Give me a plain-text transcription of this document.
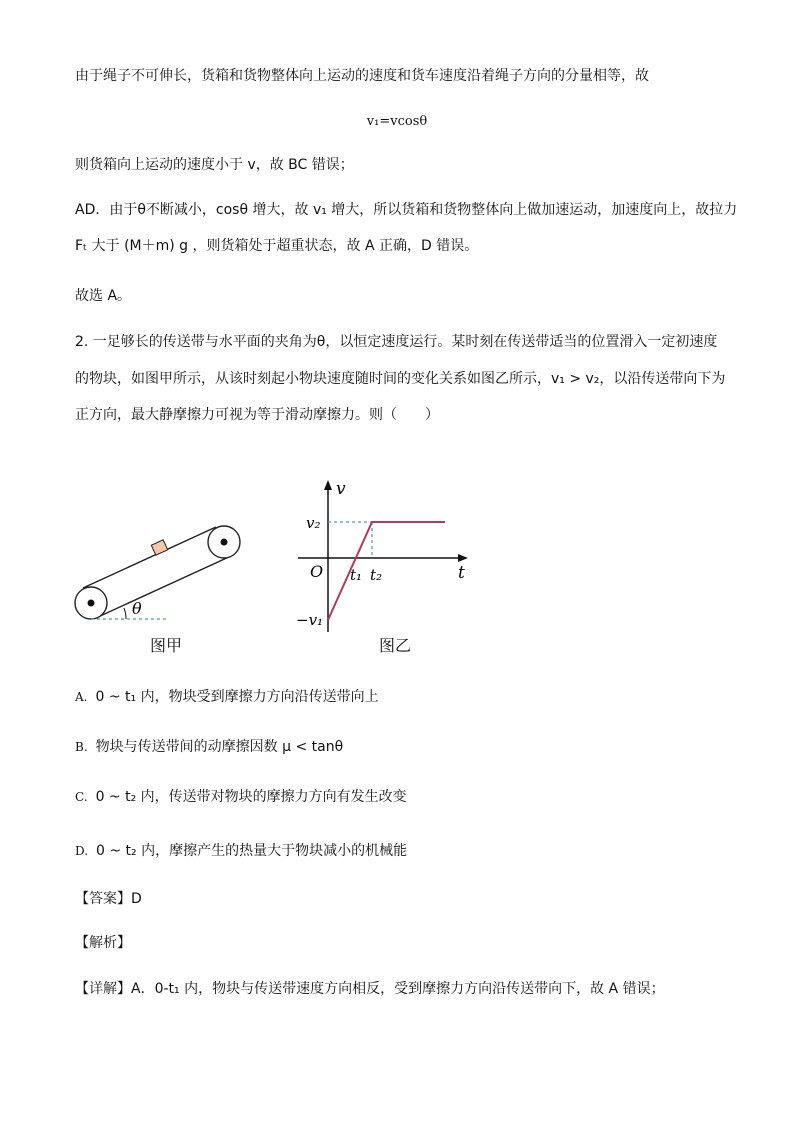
由于绳子不可伸长，货箱和货物整体向上运动的速度和货车速度沿着绳子方向的分量相等，故
v₁=vcosθ
则货箱向上运动的速度小于 v，故 BC 错误；
AD．由于θ不断减小，cosθ 增大，故 v₁ 增大，所以货箱和货物整体向上做加速运动，加速度向上，故拉力
Fₜ 大于 (M＋m) g ，则货箱处于超重状态，故 A 正确，D 错误。
故选 A。
2. 一足够长的传送带与水平面的夹角为θ，以恒定速度运行。某时刻在传送带适当的位置滑入一定初速度
的物块，如图甲所示，从该时刻起小物块速度随时间的变化关系如图乙所示，v₁ > v₂，以沿传送带向下为
正方向，最大静摩擦力可视为等于滑动摩擦力。则（　　）
θ
图甲
v
t
O
v₂
−v₁
t₁ t₂
图乙
A. 0 ~ t₁ 内，物块受到摩擦力方向沿传送带向上
B. 物块与传送带间的动摩擦因数 μ < tanθ
C. 0 ~ t₂ 内，传送带对物块的摩擦力方向有发生改变
D. 0 ~ t₂ 内，摩擦产生的热量大于物块减小的机械能
【答案】D
【解析】
【详解】A．0-t₁ 内，物块与传送带速度方向相反，受到摩擦力方向沿传送带向下，故 A 错误；
